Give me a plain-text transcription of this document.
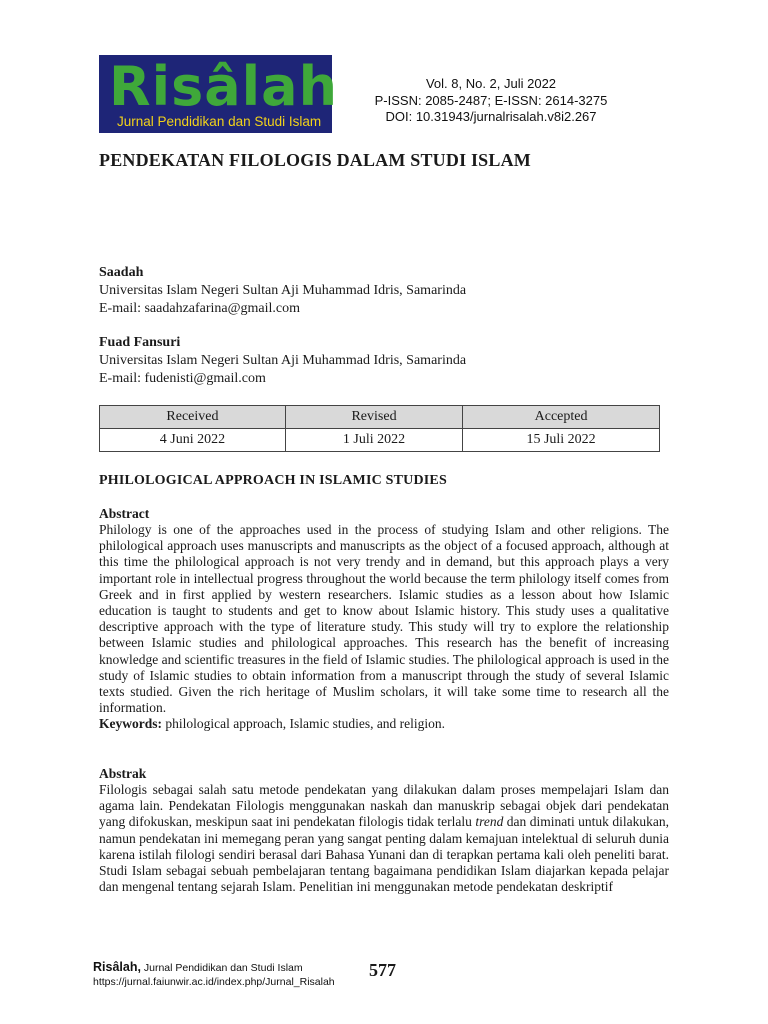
Risâlah
Jurnal Pendidikan dan Studi Islam
Vol. 8, No. 2, Juli 2022
P-ISSN: 2085-2487; E-ISSN: 2614-3275
DOI: 10.31943/jurnalrisalah.v8i2.267
PENDEKATAN FILOLOGIS DALAM STUDI ISLAM
Saadah
Universitas Islam Negeri Sultan Aji Muhammad Idris, Samarinda
E-mail: saadahzafarina@gmail.com
Fuad Fansuri
Universitas Islam Negeri Sultan Aji Muhammad Idris, Samarinda
E-mail: fudenisti@gmail.com
Received	Revised	Accepted
4 Juni 2022	1 Juli 2022	15 Juli 2022
PHILOLOGICAL APPROACH IN ISLAMIC STUDIES
Abstract
Philology is one of the approaches used in the process of studying Islam and other religions. The philological approach uses manuscripts and manuscripts as the object of a focused approach, although at this time the philological approach is not very trendy and in demand, but this approach plays a very important role in intellectual progress throughout the world because the term philology itself comes from Greek and in first applied by western researchers. Islamic studies as a lesson about how Islamic education is taught to students and get to know about Islamic history. This study uses a qualitative descriptive approach with the type of literature study. This study will try to explore the relationship between Islamic studies and philological approaches. This research has the benefit of increasing knowledge and scientific treasures in the field of Islamic studies. The philological approach is used in the study of Islamic studies to obtain information from a manuscript through the study of several Islamic texts studied. Given the rich heritage of Muslim scholars, it will take some time to research all the information.
Keywords: philological approach, Islamic studies, and religion.
Abstrak
Filologis sebagai salah satu metode pendekatan yang dilakukan dalam proses mempelajari Islam dan agama lain. Pendekatan Filologis menggunakan naskah dan manuskrip sebagai objek dari pendekatan yang difokuskan, meskipun saat ini pendekatan filologis tidak terlalu trend dan diminati untuk dilakukan, namun pendekatan ini memegang peran yang sangat penting dalam kemajuan intelektual di seluruh dunia karena istilah filologi sendiri berasal dari Bahasa Yunani dan di terapkan pertama kali oleh peneliti barat. Studi Islam sebagai sebuah pembelajaran tentang bagaimana pendidikan Islam diajarkan kepada pelajar dan mengenal tentang sejarah Islam. Penelitian ini menggunakan metode pendekatan deskriptif
Risâlah, Jurnal Pendidikan dan Studi Islam
https://jurnal.faiunwir.ac.id/index.php/Jurnal_Risalah
577
